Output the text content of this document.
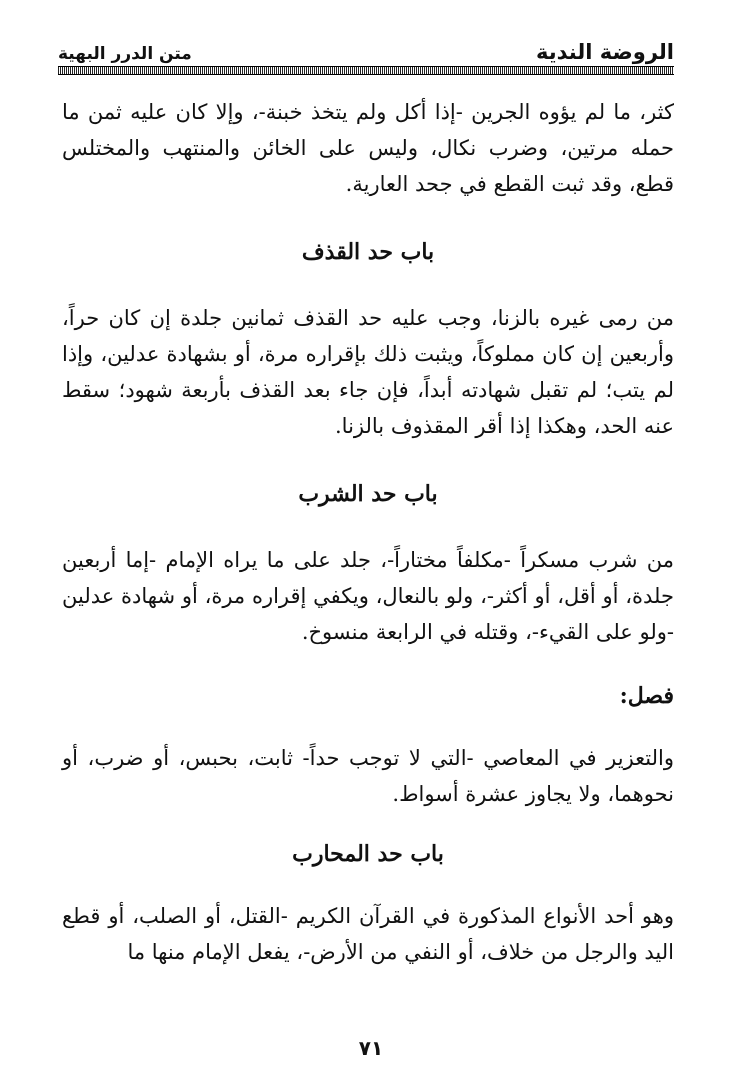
الروضة الندية
متن الدرر البهية

كثر، ما لم يؤوه الجرين -إذا أكل ولم يتخذ خبنة-، وإلا كان عليه ثمن ما حمله مرتين، وضرب نكال، وليس على الخائن والمنتهب والمختلس قطع، وقد ثبت القطع في جحد العارية.

باب حد القذف

من رمى غيره بالزنا، وجب عليه حد القذف ثمانين جلدة إن كان حراً، وأربعين إن كان مملوكاً، ويثبت ذلك بإقراره مرة، أو بشهادة عدلين، وإذا لم يتب؛ لم تقبل شهادته أبداً، فإن جاء بعد القذف بأربعة شهود؛ سقط عنه الحد، وهكذا إذا أقر المقذوف بالزنا.

باب حد الشرب

من شرب مسكراً -مكلفاً مختاراً-، جلد على ما يراه الإمام -إما أربعين جلدة، أو أقل، أو أكثر-، ولو بالنعال، ويكفي إقراره مرة، أو شهادة عدلين -ولو على القيء-، وقتله في الرابعة منسوخ.

فصل:

والتعزير في المعاصي -التي لا توجب حداً- ثابت، بحبس، أو ضرب، أو نحوهما، ولا يجاوز عشرة أسواط.

باب حد المحارب

وهو أحد الأنواع المذكورة في القرآن الكريم -القتل، أو الصلب، أو قطع اليد والرجل من خلاف، أو النفي من الأرض-، يفعل الإمام منها ما

٧١
